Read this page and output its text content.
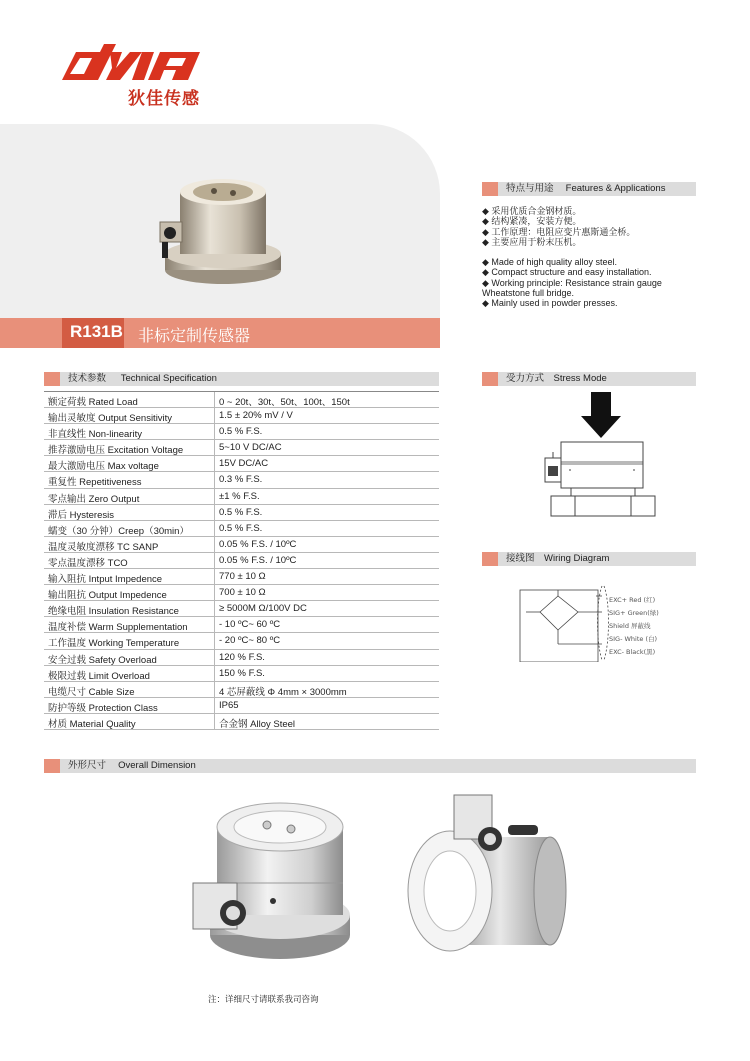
狄佳传感
R131B 非标定制传感器
特点与用途　 Features & Applications
◆ 采用优质合金钢材质。
◆ 结构紧凑，安装方便。
◆ 工作原理：电阻应变片惠斯通全桥。
◆ 主要应用于粉末压机。
◆ Made of high quality alloy steel.
◆ Compact structure and easy installation.
◆ Working principle: Resistance strain gauge
Wheatstone full bridge.
◆ Mainly used in powder presses.
技术参数 　 Technical Specification
额定荷载 Rated Load	0 ~ 20t、30t、50t、100t、150t
输出灵敏度 Output Sensitivity	1.5 ± 20% mV / V
非直线性 Non-linearity	0.5 % F.S.
推荐激励电压 Excitation Voltage	5~10 V DC/AC
最大激励电压 Max voltage	15V DC/AC
重复性 Repetitiveness	0.3 % F.S.
零点输出 Zero Output	±1 % F.S.
滞后 Hysteresis	0.5 % F.S.
蠕变（30 分钟）Creep（30min）	0.5 % F.S.
温度灵敏度漂移 TC SANP	0.05 % F.S. / 10ºC
零点温度漂移 TCO	0.05 % F.S. / 10ºC
输入阻抗 Intput Impedence	770 ± 10 Ω
输出阻抗 Output Impedence	700 ± 10 Ω
绝缘电阻 Insulation Resistance	≥ 5000M Ω/100V DC
温度补偿 Warm Supplementation	- 10 ºC~ 60 ºC
工作温度 Working Temperature	- 20 ºC~ 80 ºC
安全过载 Safety Overload	120 % F.S.
极限过载 Limit Overload	150 % F.S.
电缆尺寸 Cable Size	4 芯屏蔽线 Φ 4mm × 3000mm
防护等级 Protection Class	IP65
材质 Material Quality	合金钢 Alloy Steel
受力方式　Stress Mode
接线图　Wiring Diagram
EXC+ Red (红)
SIG+ Green(绿)
Shield 屏蔽线
SIG- White (白)
EXC- Black(黑)
外形尺寸 　Overall Dimension
注：详细尺寸请联系我司咨询
